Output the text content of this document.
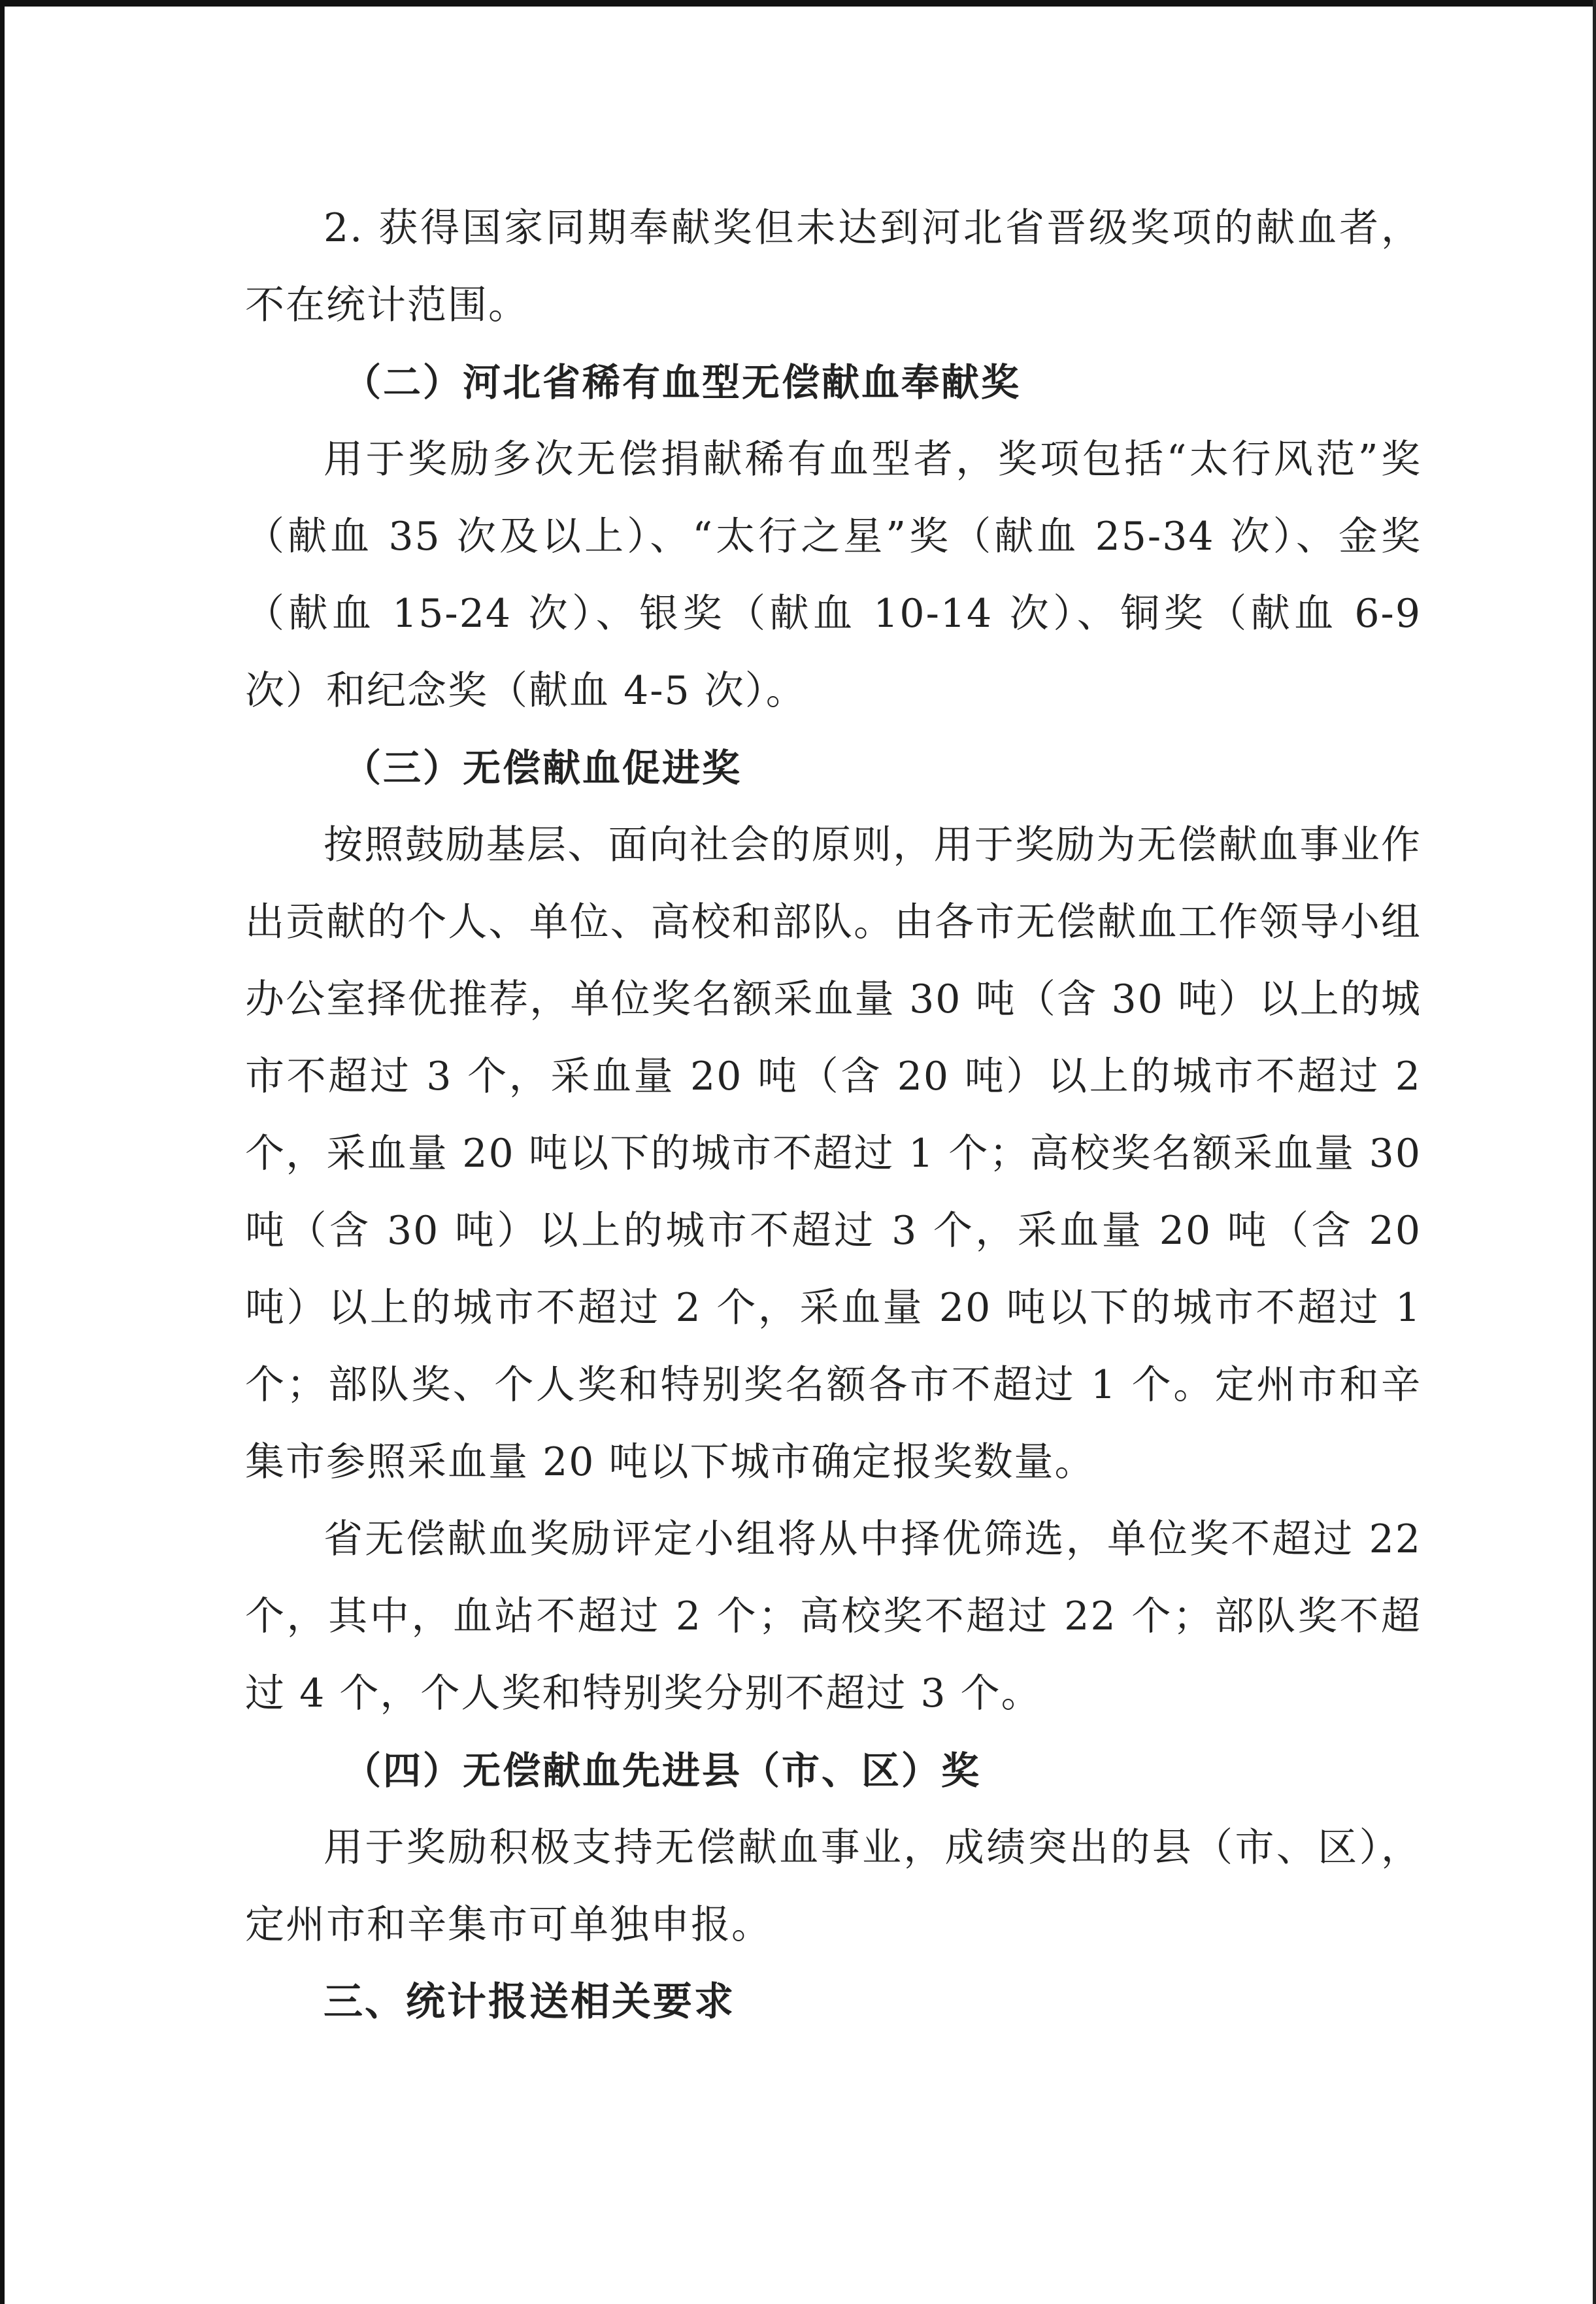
2. 获得国家同期奉献奖但未达到河北省晋级奖项的献血者，不在统计范围。

（二）河北省稀有血型无偿献血奉献奖

用于奖励多次无偿捐献稀有血型者，奖项包括“太行风范”奖（献血 35 次及以上）、“太行之星”奖（献血 25-34 次）、金奖（献血 15-24 次）、银奖（献血 10-14 次）、铜奖（献血 6-9 次）和纪念奖（献血 4-5 次）。

（三）无偿献血促进奖

按照鼓励基层、面向社会的原则，用于奖励为无偿献血事业作出贡献的个人、单位、高校和部队。由各市无偿献血工作领导小组办公室择优推荐，单位奖名额采血量 30 吨（含 30 吨）以上的城市不超过 3 个，采血量 20 吨（含 20 吨）以上的城市不超过 2 个，采血量 20 吨以下的城市不超过 1 个；高校奖名额采血量 30 吨（含 30 吨）以上的城市不超过 3 个，采血量 20 吨（含 20 吨）以上的城市不超过 2 个，采血量 20 吨以下的城市不超过 1 个；部队奖、个人奖和特别奖名额各市不超过 1 个。定州市和辛集市参照采血量 20 吨以下城市确定报奖数量。

省无偿献血奖励评定小组将从中择优筛选，单位奖不超过 22 个，其中，血站不超过 2 个；高校奖不超过 22 个；部队奖不超过 4 个，个人奖和特别奖分别不超过 3 个。

（四）无偿献血先进县（市、区）奖

用于奖励积极支持无偿献血事业，成绩突出的县（市、区），定州市和辛集市可单独申报。

三、统计报送相关要求
